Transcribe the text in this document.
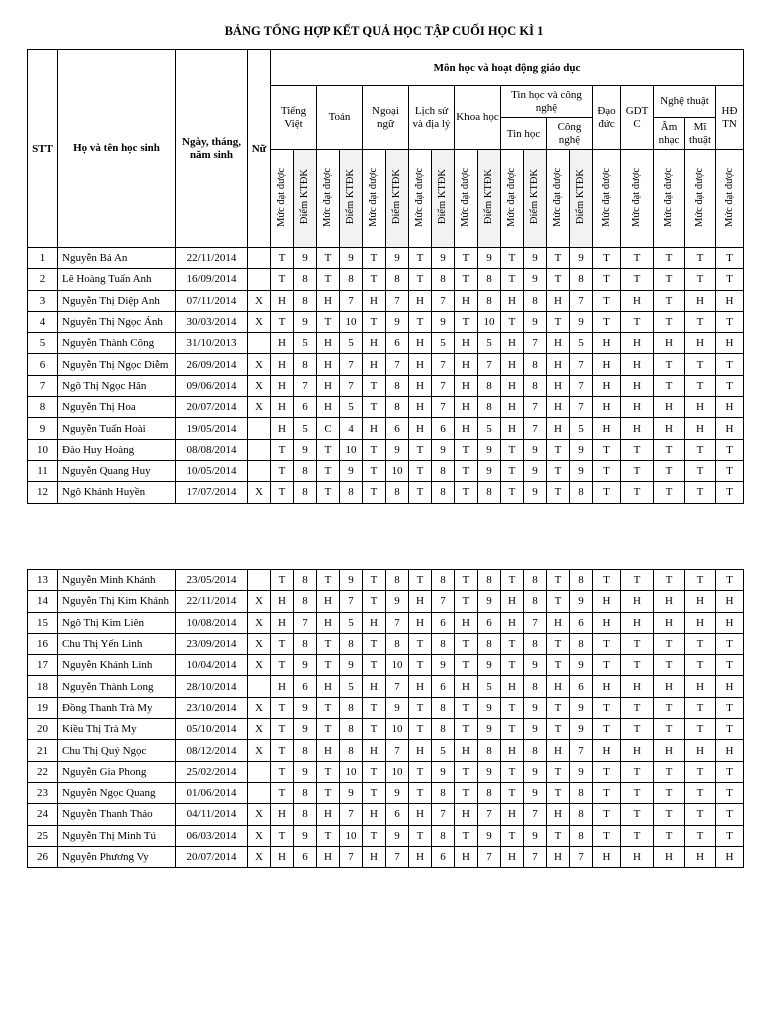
BẢNG TỔNG HỢP KẾT QUẢ HỌC TẬP CUỐI HỌC KÌ 1
STT	Họ và tên học sinh	Ngày, tháng, năm sinh	Nữ	Môn học và hoạt động giáo dục																		
				Tiếng Việt		Toán		Ngoại ngữ		Lịch sử và địa lý		Khoa học		Tin học và công nghệ				Đạo đức	GDT C	Nghệ thuật		HĐ TN
														Tin học		Công nghệ				Âm nhạc	Mĩ thuật	
				Mức đạt được	Điểm KTĐK	Mức đạt được	Điểm KTĐK	Mức đạt được	Điểm KTĐK	Mức đạt được	Điểm KTĐK	Mức đạt được	Điểm KTĐK	Mức đạt được	Điểm KTĐK	Mức đạt được	Điểm KTĐK	Mức đạt được	Mức đạt được	Mức đạt được	Mức đạt được	Mức đạt được
1	Nguyễn Bá An	22/11/2014		T	9	T	9	T	9	T	9	T	9	T	9	T	9	T	T	T	T	T
2	Lê Hoàng Tuấn Anh	16/09/2014		T	8	T	8	T	8	T	8	T	8	T	9	T	8	T	T	T	T	T
3	Nguyễn Thị Diệp Anh	07/11/2014	X	H	8	H	7	H	7	H	7	H	8	H	8	H	7	T	H	T	H	H
4	Nguyễn Thị Ngọc Ánh	30/03/2014	X	T	9	T	10	T	9	T	9	T	10	T	9	T	9	T	T	T	T	T
5	Nguyễn Thành Công	31/10/2013		H	5	H	5	H	6	H	5	H	5	H	7	H	5	H	H	H	H	H
6	Nguyễn Thị Ngọc Diễm	26/09/2014	X	H	8	H	7	H	7	H	7	H	7	H	8	H	7	H	H	T	T	T
7	Ngô Thị Ngọc Hân	09/06/2014	X	H	7	H	7	T	8	H	7	H	8	H	8	H	7	H	H	T	T	T
8	Nguyễn Thị Hoa	20/07/2014	X	H	6	H	5	T	8	H	7	H	8	H	7	H	7	H	H	H	H	H
9	Nguyễn Tuấn Hoài	19/05/2014		H	5	C	4	H	6	H	6	H	5	H	7	H	5	H	H	H	H	H
10	Đào Huy Hoàng	08/08/2014		T	9	T	10	T	9	T	9	T	9	T	9	T	9	T	T	T	T	T
11	Nguyễn Quang Huy	10/05/2014		T	8	T	9	T	10	T	8	T	9	T	9	T	9	T	T	T	T	T
12	Ngô Khánh Huyền	17/07/2014	X	T	8	T	8	T	8	T	8	T	8	T	9	T	8	T	T	T	T	T
13	Nguyễn Minh Khánh	23/05/2014		T	8	T	9	T	8	T	8	T	8	T	8	T	8	T	T	T	T	T
14	Nguyễn Thị Kim Khánh	22/11/2014	X	H	8	H	7	T	9	H	7	T	9	H	8	T	9	H	H	H	H	H
15	Ngô Thị Kim Liên	10/08/2014	X	H	7	H	5	H	7	H	6	H	6	H	7	H	6	H	H	H	H	H
16	Chu Thị Yến Linh	23/09/2014	X	T	8	T	8	T	8	T	8	T	8	T	8	T	8	T	T	T	T	T
17	Nguyễn Khánh Linh	10/04/2014	X	T	9	T	9	T	10	T	9	T	9	T	9	T	9	T	T	T	T	T
18	Nguyễn Thành Long	28/10/2014		H	6	H	5	H	7	H	6	H	5	H	8	H	6	H	H	H	H	H
19	Đồng Thanh Trà My	23/10/2014	X	T	9	T	8	T	9	T	8	T	9	T	9	T	9	T	T	T	T	T
20	Kiều Thị Trà My	05/10/2014	X	T	9	T	8	T	10	T	8	T	9	T	9	T	9	T	T	T	T	T
21	Chu Thị Quý Ngọc	08/12/2014	X	T	8	H	8	H	7	H	5	H	8	H	8	H	7	H	H	H	H	H
22	Nguyễn Gia Phong	25/02/2014		T	9	T	10	T	10	T	9	T	9	T	9	T	9	T	T	T	T	T
23	Nguyễn Ngọc Quang	01/06/2014		T	8	T	9	T	9	T	8	T	8	T	9	T	8	T	T	T	T	T
24	Nguyễn Thanh Thảo	04/11/2014	X	H	8	H	7	H	6	H	7	H	7	H	7	H	8	T	T	T	T	T
25	Nguyễn Thị Minh Tú	06/03/2014	X	T	9	T	10	T	9	T	8	T	9	T	9	T	8	T	T	T	T	T
26	Nguyễn Phương Vy	20/07/2014	X	H	6	H	7	H	7	H	6	H	7	H	7	H	7	H	H	H	H	H
